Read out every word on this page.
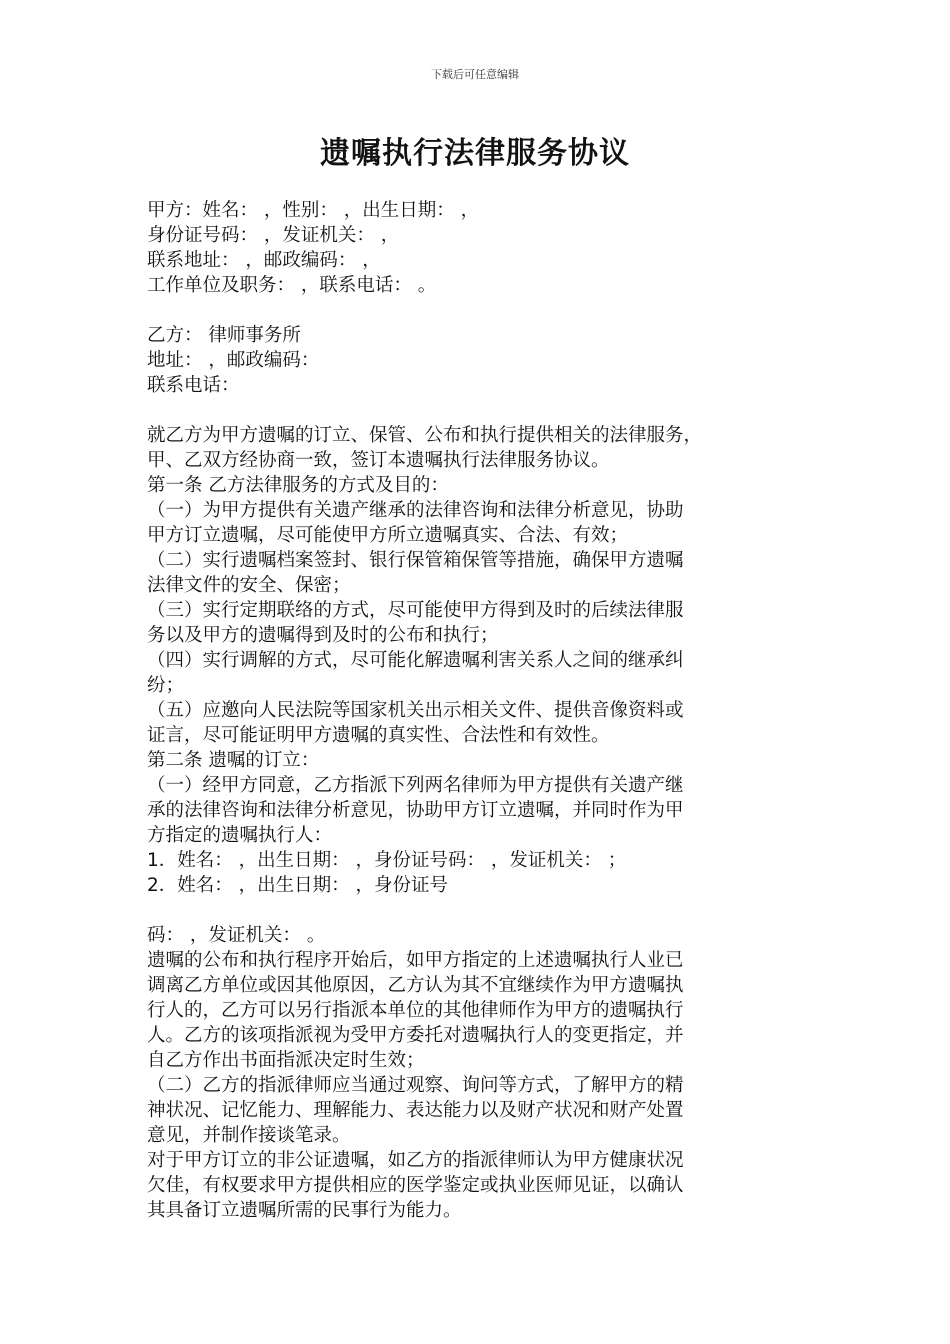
下载后可任意编辑
遗嘱执行法律服务协议
甲方：姓名： ，性别： ，出生日期： ，
身份证号码： ，发证机关： ，
联系地址： ，邮政编码： ，
工作单位及职务： ，联系电话： 。
乙方： 律师事务所
地址： ，邮政编码：
联系电话：
就乙方为甲方遗嘱的订立、保管、公布和执行提供相关的法律服务，
甲、乙双方经协商一致，签订本遗嘱执行法律服务协议。
第一条 乙方法律服务的方式及目的：
（一）为甲方提供有关遗产继承的法律咨询和法律分析意见，协助
甲方订立遗嘱，尽可能使甲方所立遗嘱真实、合法、有效；
（二）实行遗嘱档案签封、银行保管箱保管等措施，确保甲方遗嘱
法律文件的安全、保密；
（三）实行定期联络的方式，尽可能使甲方得到及时的后续法律服
务以及甲方的遗嘱得到及时的公布和执行；
（四）实行调解的方式，尽可能化解遗嘱利害关系人之间的继承纠
纷；
（五）应邀向人民法院等国家机关出示相关文件、提供音像资料或
证言，尽可能证明甲方遗嘱的真实性、合法性和有效性。
第二条 遗嘱的订立：
（一）经甲方同意，乙方指派下列两名律师为甲方提供有关遗产继
承的法律咨询和法律分析意见，协助甲方订立遗嘱，并同时作为甲
方指定的遗嘱执行人：
1．姓名： ，出生日期： ，身份证号码： ，发证机关： ；
2．姓名： ，出生日期： ，身份证号
码： ，发证机关： 。
遗嘱的公布和执行程序开始后，如甲方指定的上述遗嘱执行人业已
调离乙方单位或因其他原因，乙方认为其不宜继续作为甲方遗嘱执
行人的，乙方可以另行指派本单位的其他律师作为甲方的遗嘱执行
人。乙方的该项指派视为受甲方委托对遗嘱执行人的变更指定，并
自乙方作出书面指派决定时生效；
（二）乙方的指派律师应当通过观察、询问等方式，了解甲方的精
神状况、记忆能力、理解能力、表达能力以及财产状况和财产处置
意见，并制作接谈笔录。
对于甲方订立的非公证遗嘱，如乙方的指派律师认为甲方健康状况
欠佳，有权要求甲方提供相应的医学鉴定或执业医师见证，以确认
其具备订立遗嘱所需的民事行为能力。
